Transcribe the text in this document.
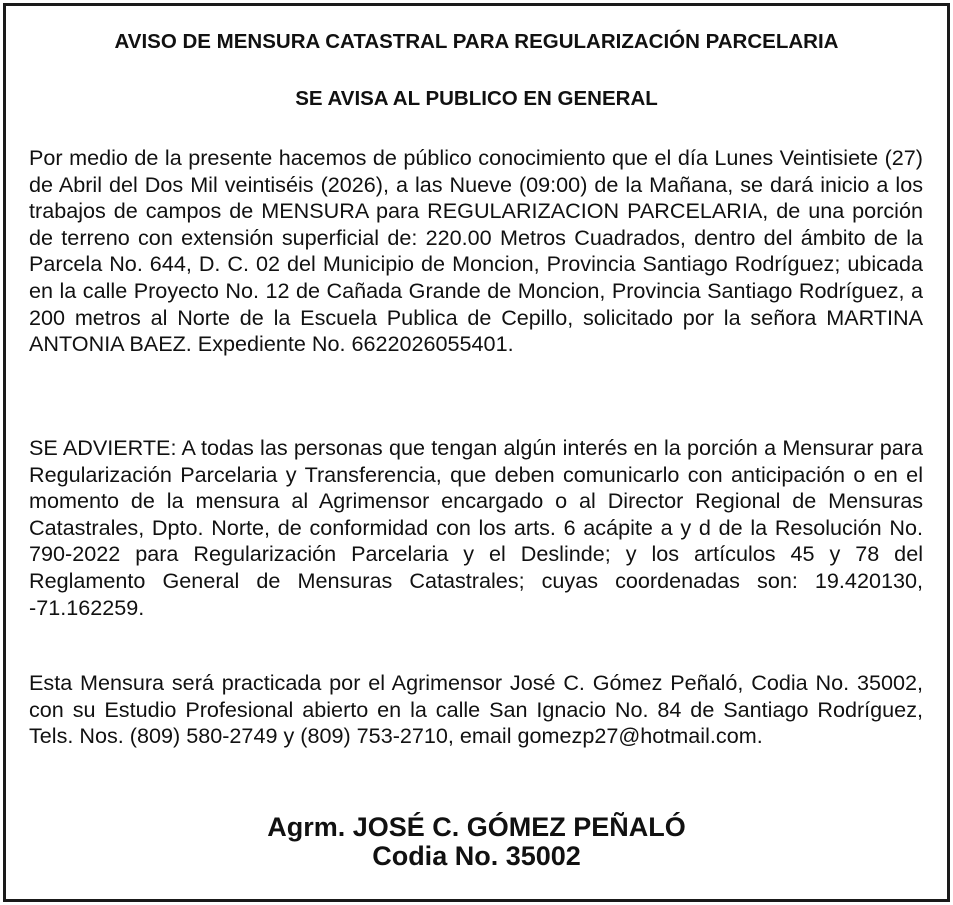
AVISO DE MENSURA CATASTRAL PARA REGULARIZACIÓN PARCELARIA
SE AVISA AL PUBLICO EN GENERAL

Por medio de la presente hacemos de público conocimiento que el día Lunes Veintisiete (27) de Abril del Dos Mil veintiséis (2026), a las Nueve (09:00) de la Mañana, se dará inicio a los trabajos de campos de MENSURA para REGULARIZACION PARCELARIA, de una porción de terreno con extensión superficial de: 220.00 Metros Cuadrados, dentro del ámbito de la Parcela No. 644, D. C. 02 del Municipio de Moncion, Provincia Santiago Rodríguez; ubicada en la calle Proyecto No. 12 de Cañada Grande de Moncion, Provincia Santiago Rodríguez, a 200 metros al Norte de la Escuela Publica de Cepillo, solicitado por la señora MARTINA ANTONIA BAEZ. Expediente No. 6622026055401.

SE ADVIERTE: A todas las personas que tengan algún interés en la porción a Mensurar para Regularización Parcelaria y Transferencia, que deben comunicarlo con anticipación o en el momento de la mensura al Agrimensor encargado o al Director Regional de Mensuras Catastrales, Dpto. Norte, de conformidad con los arts. 6 acápite a y d de la Resolución No. 790-2022 para Regularización Parcelaria y el Deslinde; y los artículos 45 y 78 del Reglamento General de Mensuras Catastrales; cuyas coordenadas son: 19.420130, -71.162259.

Esta Mensura será practicada por el Agrimensor José C. Gómez Peñaló, Codia No. 35002, con su Estudio Profesional abierto en la calle San Ignacio No. 84 de Santiago Rodríguez, Tels. Nos. (809) 580-2749 y (809) 753-2710, email gomezp27@hotmail.com.

Agrm. JOSÉ C. GÓMEZ PEÑALÓ

Codia No. 35002
